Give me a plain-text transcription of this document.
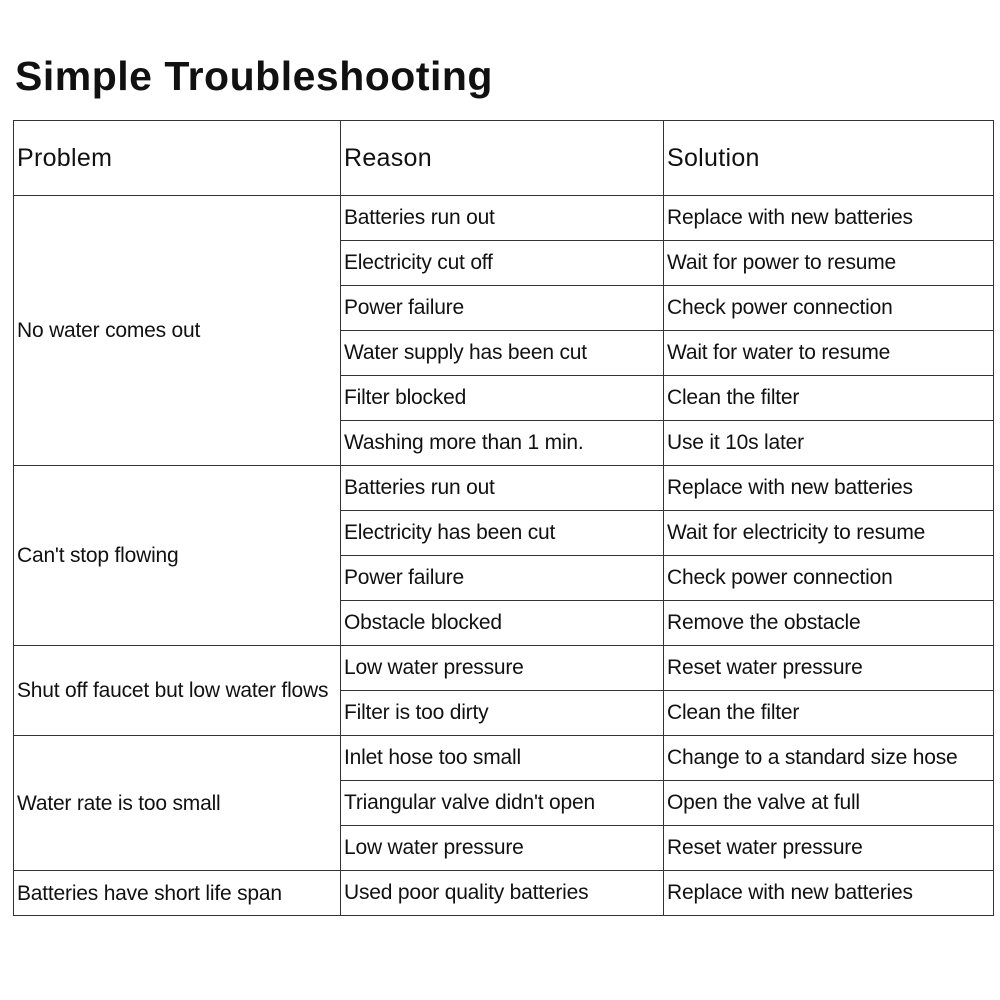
Simple Troubleshooting
Problem	Reason	Solution
No water comes out	Batteries run out	Replace with new batteries
	Electricity cut off	Wait for power to resume
	Power failure	Check power connection
	Water supply has been cut	Wait for water to resume
	Filter blocked	Clean the filter
	Washing more than 1 min.	Use it 10s later
Can't stop flowing	Batteries run out	Replace with new batteries
	Electricity has been cut	Wait for electricity to resume
	Power failure	Check power connection
	Obstacle blocked	Remove the obstacle
Shut off faucet but low water flows	Low water pressure	Reset water pressure
	Filter is too dirty	Clean the filter
Water rate is too small	Inlet hose too small	Change to a standard size hose
	Triangular valve didn't open	Open the valve at full
	Low water pressure	Reset water pressure
Batteries have short life span	Used poor quality batteries	Replace with new batteries
